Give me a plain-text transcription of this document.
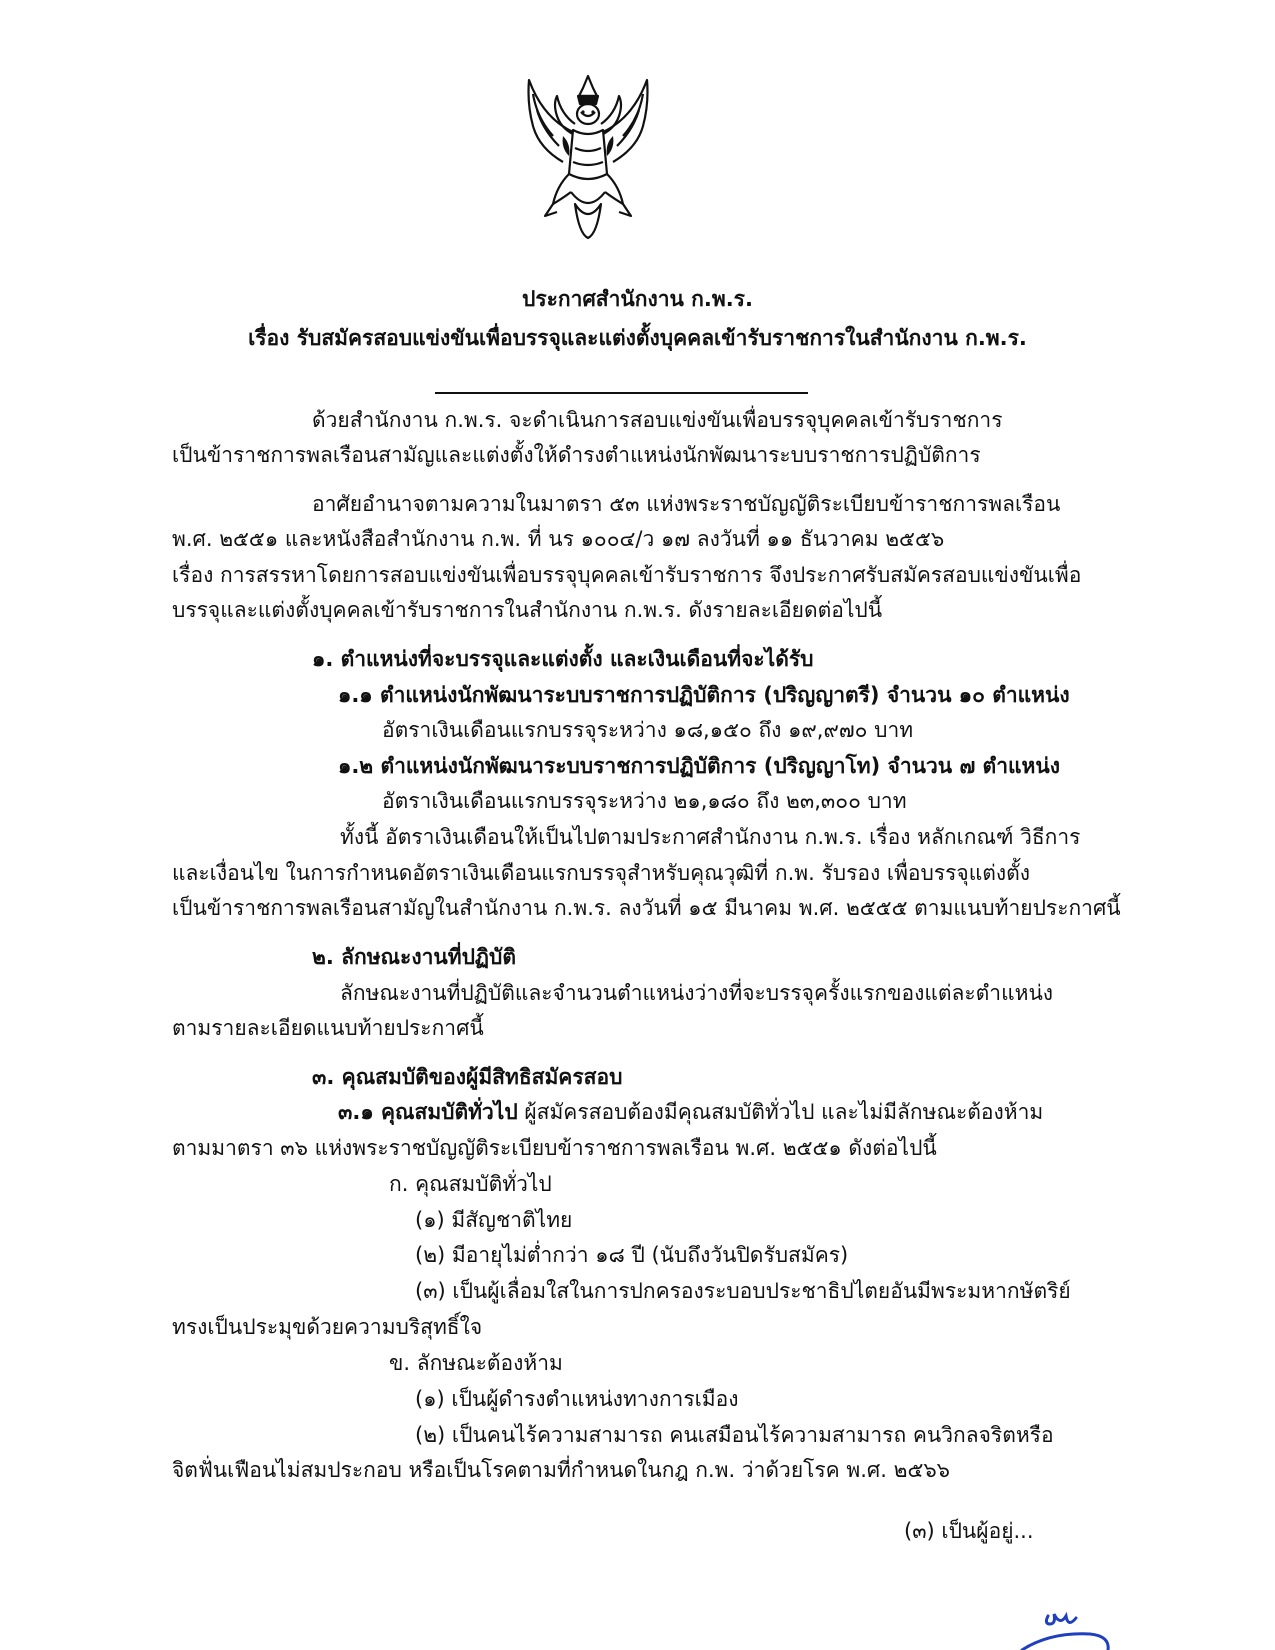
ประกาศสำนักงาน ก.พ.ร.
เรื่อง รับสมัครสอบแข่งขันเพื่อบรรจุและแต่งตั้งบุคคลเข้ารับราชการในสำนักงาน ก.พ.ร.
ด้วยสำนักงาน ก.พ.ร. จะดำเนินการสอบแข่งขันเพื่อบรรจุบุคคลเข้ารับราชการ
เป็นข้าราชการพลเรือนสามัญและแต่งตั้งให้ดำรงตำแหน่งนักพัฒนาระบบราชการปฏิบัติการ
อาศัยอำนาจตามความในมาตรา ๕๓ แห่งพระราชบัญญัติระเบียบข้าราชการพลเรือน
พ.ศ. ๒๕๕๑ และหนังสือสำนักงาน ก.พ. ที่ นร ๑๐๐๔/ว ๑๗ ลงวันที่ ๑๑ ธันวาคม ๒๕๕๖
เรื่อง การสรรหาโดยการสอบแข่งขันเพื่อบรรจุบุคคลเข้ารับราชการ จึงประกาศรับสมัครสอบแข่งขันเพื่อ
บรรจุและแต่งตั้งบุคคลเข้ารับราชการในสำนักงาน ก.พ.ร. ดังรายละเอียดต่อไปนี้
๑. ตำแหน่งที่จะบรรจุและแต่งตั้ง และเงินเดือนที่จะได้รับ
๑.๑ ตำแหน่งนักพัฒนาระบบราชการปฏิบัติการ (ปริญญาตรี) จำนวน ๑๐ ตำแหน่ง
อัตราเงินเดือนแรกบรรจุระหว่าง ๑๘,๑๕๐ ถึง ๑๙,๙๗๐ บาท
๑.๒ ตำแหน่งนักพัฒนาระบบราชการปฏิบัติการ (ปริญญาโท) จำนวน ๗ ตำแหน่ง
อัตราเงินเดือนแรกบรรจุระหว่าง ๒๑,๑๘๐ ถึง ๒๓,๓๐๐ บาท
ทั้งนี้ อัตราเงินเดือนให้เป็นไปตามประกาศสำนักงาน ก.พ.ร. เรื่อง หลักเกณฑ์ วิธีการ
และเงื่อนไข ในการกำหนดอัตราเงินเดือนแรกบรรจุสำหรับคุณวุฒิที่ ก.พ. รับรอง เพื่อบรรจุแต่งตั้ง
เป็นข้าราชการพลเรือนสามัญในสำนักงาน ก.พ.ร. ลงวันที่ ๑๕ มีนาคม พ.ศ. ๒๕๕๕ ตามแนบท้ายประกาศนี้
๒. ลักษณะงานที่ปฏิบัติ
ลักษณะงานที่ปฏิบัติและจำนวนตำแหน่งว่างที่จะบรรจุครั้งแรกของแต่ละตำแหน่ง
ตามรายละเอียดแนบท้ายประกาศนี้
๓. คุณสมบัติของผู้มีสิทธิสมัครสอบ
๓.๑ คุณสมบัติทั่วไป ผู้สมัครสอบต้องมีคุณสมบัติทั่วไป และไม่มีลักษณะต้องห้าม
ตามมาตรา ๓๖ แห่งพระราชบัญญัติระเบียบข้าราชการพลเรือน พ.ศ. ๒๕๕๑ ดังต่อไปนี้
ก. คุณสมบัติทั่วไป
(๑) มีสัญชาติไทย
(๒) มีอายุไม่ต่ำกว่า ๑๘ ปี (นับถึงวันปิดรับสมัคร)
(๓) เป็นผู้เลื่อมใสในการปกครองระบอบประชาธิปไตยอันมีพระมหากษัตริย์
ทรงเป็นประมุขด้วยความบริสุทธิ์ใจ
ข. ลักษณะต้องห้าม
(๑) เป็นผู้ดำรงตำแหน่งทางการเมือง
(๒) เป็นคนไร้ความสามารถ คนเสมือนไร้ความสามารถ คนวิกลจริตหรือ
จิตฟั่นเฟือนไม่สมประกอบ หรือเป็นโรคตามที่กำหนดในกฎ ก.พ. ว่าด้วยโรค พ.ศ. ๒๕๖๖
(๓) เป็นผู้อยู่...
